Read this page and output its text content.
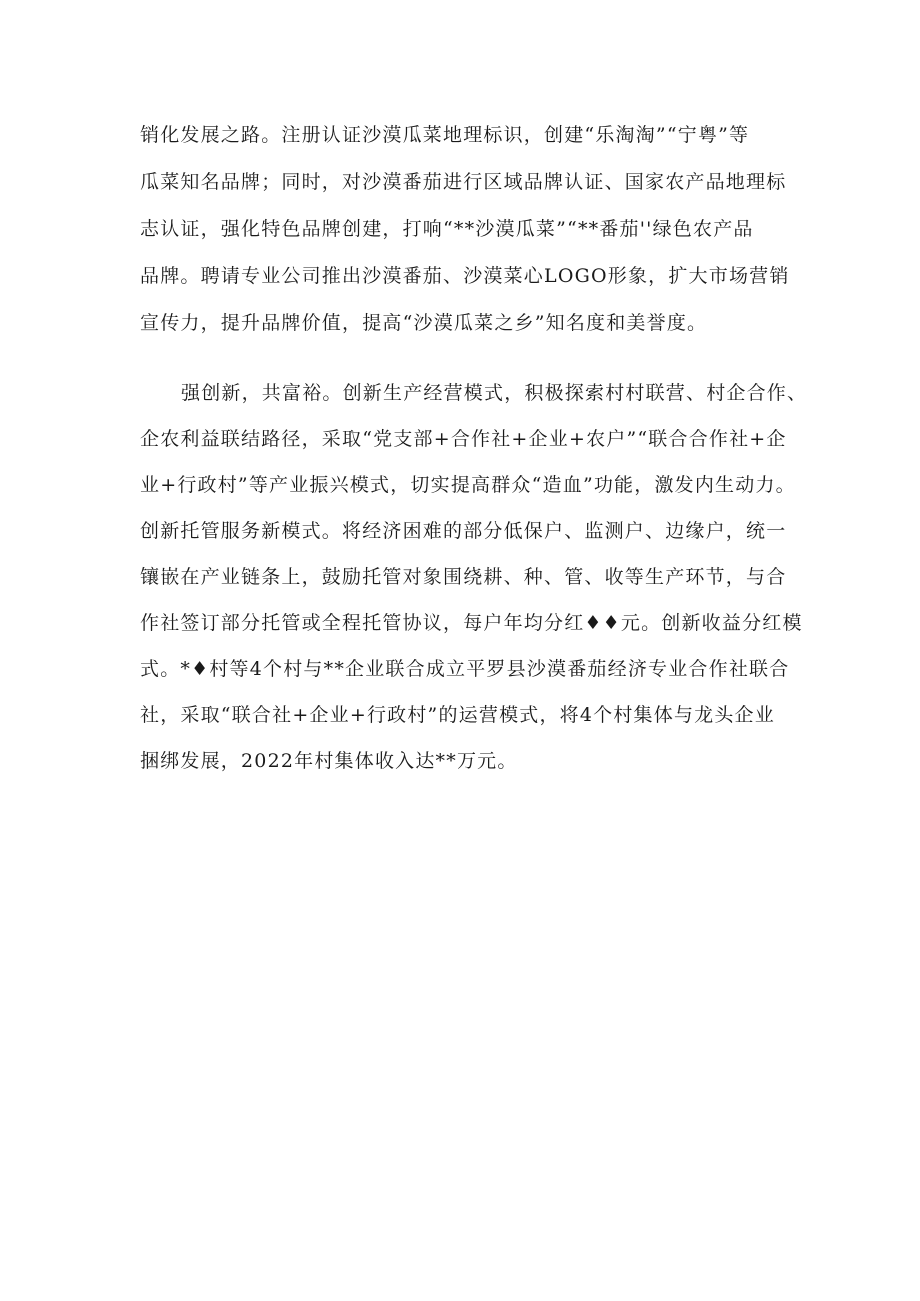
销化发展之路。注册认证沙漠瓜菜地理标识，创建“乐淘淘”“宁粤”等
瓜菜知名品牌；同时，对沙漠番茄进行区域品牌认证、国家农产品地理标
志认证，强化特色品牌创建，打响“**沙漠瓜菜”“**番茄''绿色农产品
品牌。聘请专业公司推出沙漠番茄、沙漠菜心LOGO形象，扩大市场营销
宣传力，提升品牌价值，提高“沙漠瓜菜之乡”知名度和美誉度。
强创新，共富裕。创新生产经营模式，积极探索村村联营、村企合作、
企农利益联结路径，采取“党支部+合作社+企业+农户”“联合合作社+企
业+行政村”等产业振兴模式，切实提高群众“造血”功能，激发内生动力。
创新托管服务新模式。将经济困难的部分低保户、监测户、边缘户，统一
镶嵌在产业链条上，鼓励托管对象围绕耕、种、管、收等生产环节，与合
作社签订部分托管或全程托管协议，每户年均分红♦♦元。创新收益分红模
式。*♦村等4个村与**企业联合成立平罗县沙漠番茄经济专业合作社联合
社，采取“联合社+企业+行政村”的运营模式，将4个村集体与龙头企业
捆绑发展，2022年村集体收入达**万元。
